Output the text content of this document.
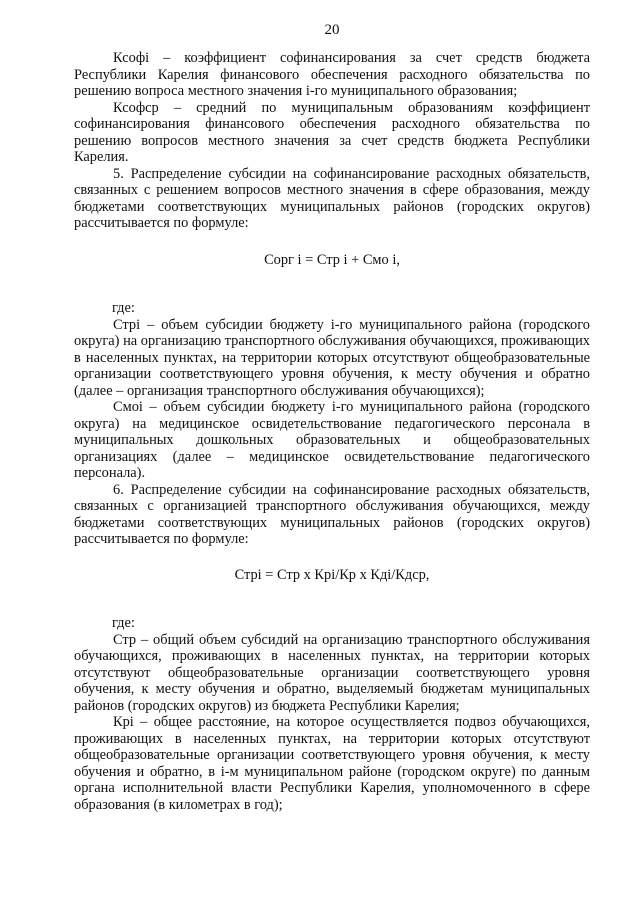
20

Ксофi – коэффициент софинансирования за счет средств бюджета Республики Карелия финансового обеспечения расходного обязательства по решению вопроса местного значения i-го муниципального образования;

Ксофср – средний по муниципальным образованиям коэффициент софинансирования финансового обеспечения расходного обязательства по решению вопросов местного значения за счет средств бюджета Республики Карелия.

5. Распределение субсидии на софинансирование расходных обязательств, связанных с решением вопросов местного значения в сфере образования, между бюджетами соответствующих муниципальных районов (городских округов) рассчитывается по формуле:

Сорг i = Стр i + Смо i,

где:

Стрi – объем субсидии бюджету i-го муниципального района (городского округа) на организацию транспортного обслуживания обучающихся, проживающих в населенных пунктах, на территории которых отсутствуют общеобразовательные организации соответствующего уровня обучения, к месту обучения и обратно (далее – организация транспортного обслуживания обучающихся);

Смоi – объем субсидии бюджету i-го муниципального района (городского округа) на медицинское освидетельствование педагогического персонала в муниципальных дошкольных образовательных и общеобразовательных организациях (далее – медицинское освидетельствование педагогического персонала).

6. Распределение субсидии на софинансирование расходных обязательств, связанных с организацией транспортного обслуживания обучающихся, между бюджетами соответствующих муниципальных районов (городских округов) рассчитывается по формуле:

Стрi = Стр х Крi/Кр х Кдi/Кдср,

где:

Стр – общий объем субсидий на организацию транспортного обслуживания обучающихся, проживающих в населенных пунктах, на территории которых отсутствуют общеобразовательные организации соответствующего уровня обучения, к месту обучения и обратно, выделяемый бюджетам муниципальных районов (городских округов) из бюджета Республики Карелия;

Крi – общее расстояние, на которое осуществляется подвоз обучающихся, проживающих в населенных пунктах, на территории которых отсутствуют общеобразовательные организации соответствующего уровня обучения, к месту обучения и обратно, в i-м муниципальном районе (городском округе) по данным органа исполнительной власти Республики Карелия, уполномоченного в сфере образования (в километрах в год);
